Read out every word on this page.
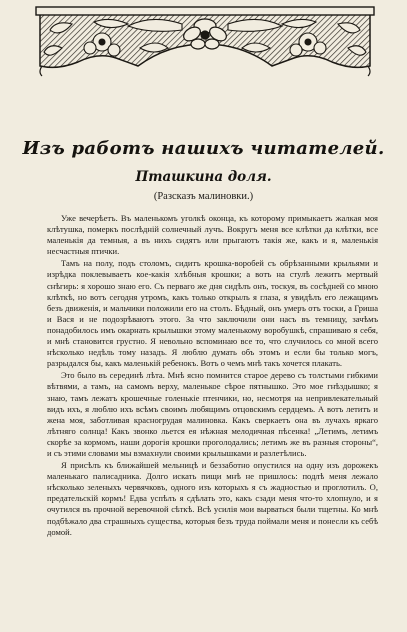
Изъ работъ нашихъ читателей.
Пташкина доля.
(Разсказъ малиновки.)

Уже вечерѣетъ. Въ маленькомъ уголкѣ оконца, къ которому примыкаетъ жалкая моя клѣтушка, померкъ послѣдній солнечный лучъ. Вокругъ меня все клѣтки да клѣтки, все маленькія да темныя, а въ нихъ сидятъ или прыгаютъ такія же, какъ и я, маленькія несчастныя птички.

Тамъ на полу, подъ столомъ, сидитъ крошка-воробей съ обрѣзанными крыльями и изрѣдка поклевываетъ кое-какія хлѣбныя крошки; а вотъ на стулѣ лежитъ мертвый снѣгирь: я хорошо знаю его. Съ перваго же дня сидѣлъ онъ, тоскуя, въ сосѣдней со мною клѣткѣ, но вотъ сегодня утромъ, какъ только открылъ я глаза, я увидѣлъ его лежащимъ безъ движенія, и мальчики положили его на столъ. Бѣдный, онъ умеръ отъ тоски, а Гриша и Вася и не подозрѣваютъ этого. За что заключили они насъ въ темницу, зачѣмъ понадобилось имъ окарнать крылышки этому маленькому воробушкѣ, спрашиваю я себя, и мнѣ становится грустно. Я невольно вспоминаю все то, что случилось со мной всего нѣсколько недѣль тому назадъ. Я люблю думать объ этомъ и если бы только могъ, разрыдался бы, какъ маленькій ребенокъ. Вотъ о чемъ мнѣ такъ хочется плакать.

Это было въ серединѣ лѣта. Мнѣ ясно помнится старое дерево съ толстыми гибкими вѣтвями, а тамъ, на самомъ верху, маленькое сѣрое пятнышко. Это мое гнѣздышко; я знаю, тамъ лежатъ крошечные голенькіе птенчики, но, несмотря на непривлекательный видъ ихъ, я люблю ихъ всѣмъ своимъ любящимъ отцовскимъ сердцемъ. А вотъ летитъ и жена моя, заботливая красногрудая малиновка. Какъ сверкаетъ она въ лучахъ яркаго лѣтняго солнца! Какъ звонко льется ея нѣжная мелодичная пѣсенка! „Летимъ, летимъ скорѣе за кормомъ, наши дорогія крошки проголодались; летимъ же въ разныя стороны“, и съ этими словами мы взмахнули своими крылышками и разлетѣлись.

Я присѣлъ къ ближайшей мельницѣ и беззаботно опустился на одну изъ дорожекъ маленькаго палисадника. Долго искать пищи мнѣ не пришлось: подлѣ меня лежало нѣсколько зеленыхъ червячковъ, одного изъ которыхъ я съ жадностью и проглотилъ. О, предательскій кормъ! Едва успѣлъ я сдѣлать это, какъ сзади меня что-то хлопнуло, и я очутился въ прочной веревочной сѣткѣ. Всѣ усилія мои вырваться были тщетны. Ко мнѣ подбѣжало два страшныхъ существа, которыя безъ труда поймали меня и понесли къ себѣ домой.
